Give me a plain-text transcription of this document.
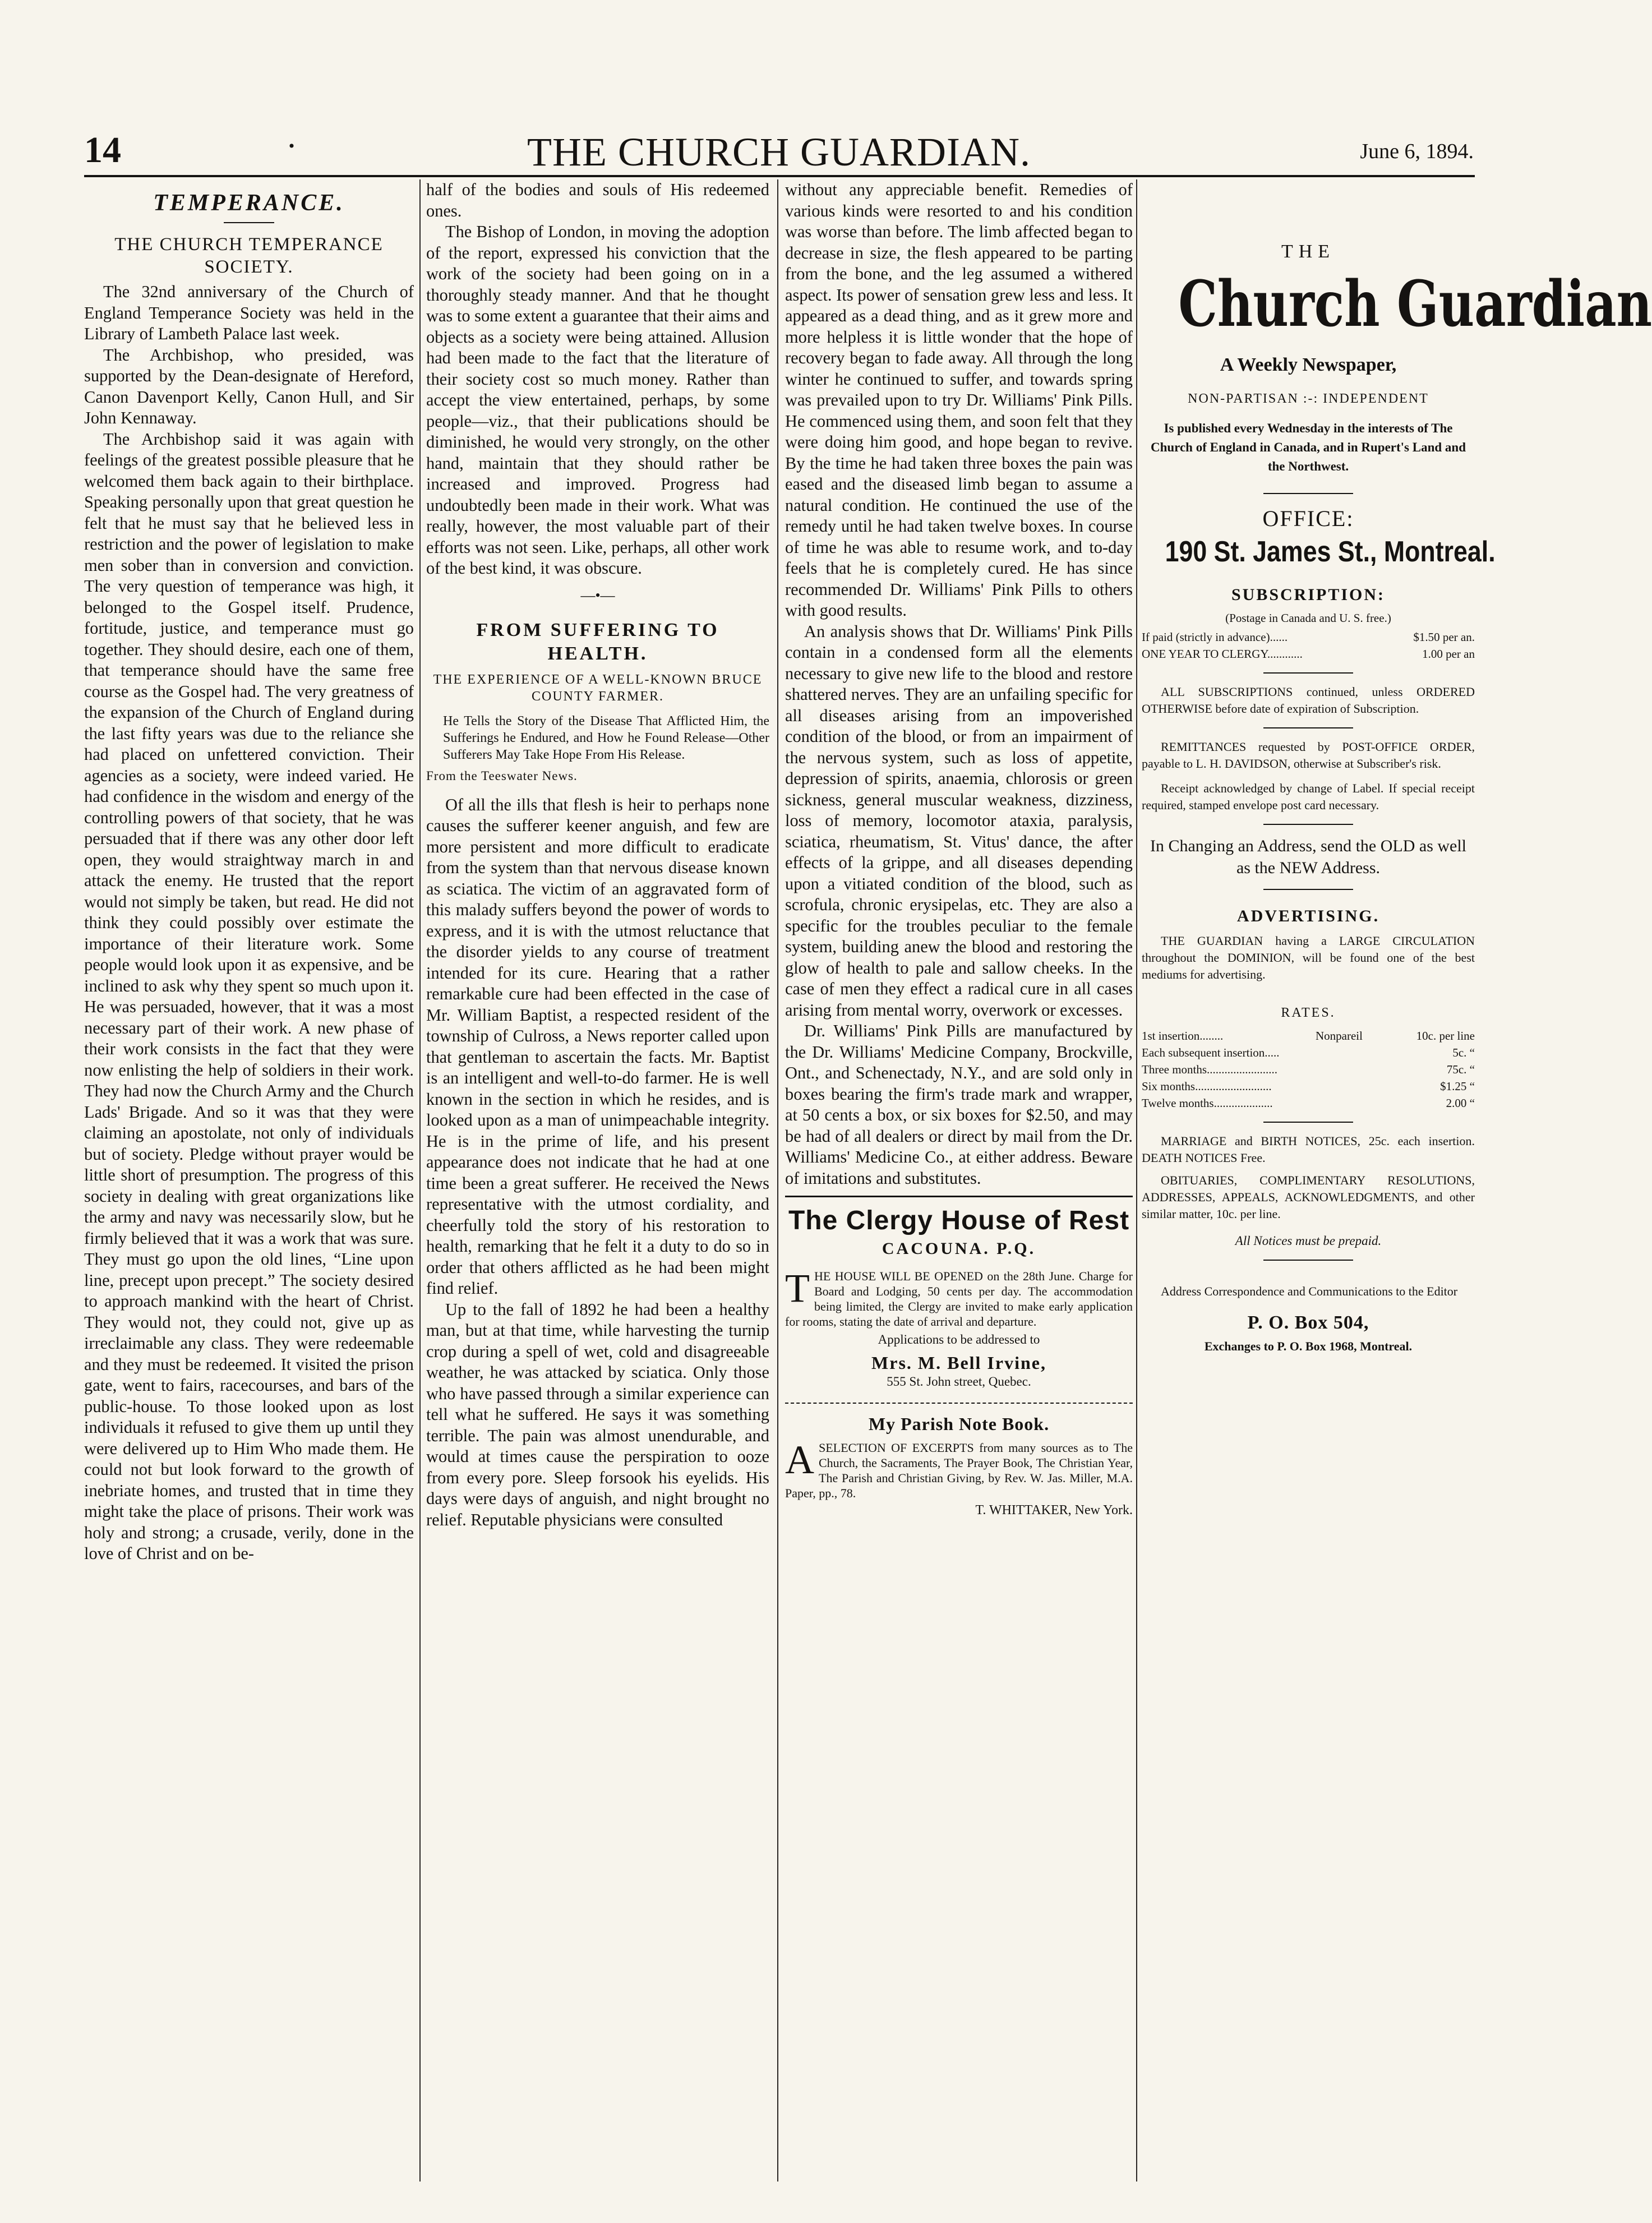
14	·	THE CHURCH GUARDIAN.	June 6, 1894.
TEMPERANCE.
THE CHURCH TEMPERANCE SOCIETY.

The 32nd anniversary of the Church of England Temperance Society was held in the Library of Lambeth Palace last week.

The Archbishop, who presided, was supported by the Dean-designate of Hereford, Canon Davenport Kelly, Canon Hull, and Sir John Kennaway.

The Archbishop said it was again with feelings of the greatest possible pleasure that he welcomed them back again to their birthplace. Speaking personally upon that great question he felt that he must say that he believed less in restriction and the power of legislation to make men sober than in conversion and conviction. The very question of temperance was high, it belonged to the Gospel itself. Prudence, fortitude, justice, and temperance must go together. They should desire, each one of them, that temperance should have the same free course as the Gospel had. The very greatness of the expansion of the Church of England during the last fifty years was due to the reliance she had placed on unfettered conviction. Their agencies as a society, were indeed varied. He had confidence in the wisdom and energy of the controlling powers of that society, that he was persuaded that if there was any other door left open, they would straightway march in and attack the enemy. He trusted that the report would not simply be taken, but read. He did not think they could possibly over estimate the importance of their literature work. Some people would look upon it as expensive, and be inclined to ask why they spent so much upon it. He was persuaded, however, that it was a most necessary part of their work. A new phase of their work consists in the fact that they were now enlisting the help of soldiers in their work. They had now the Church Army and the Church Lads' Brigade. And so it was that they were claiming an apostolate, not only of individuals but of society. Pledge without prayer would be little short of presumption. The progress of this society in dealing with great organizations like the army and navy was necessarily slow, but he firmly believed that it was a work that was sure. They must go upon the old lines, “Line upon line, precept upon precept.” The society desired to approach mankind with the heart of Christ. They would not, they could not, give up as irreclaimable any class. They were redeemable and they must be redeemed. It visited the prison gate, went to fairs, racecourses, and bars of the public-house. To those looked upon as lost individuals it refused to give them up until they were delivered up to Him Who made them. He could not but look forward to the growth of inebriate homes, and trusted that in time they might take the place of prisons. Their work was holy and strong; a crusade, verily, done in the love of Christ and on be-

half of the bodies and souls of His redeemed ones.

The Bishop of London, in moving the adoption of the report, expressed his conviction that the work of the society had been going on in a thoroughly steady manner. And that he thought was to some extent a guarantee that their aims and objects as a society were being attained. Allusion had been made to the fact that the literature of their society cost so much money. Rather than accept the view entertained, perhaps, by some people—viz., that their publications should be diminished, he would very strongly, on the other hand, maintain that they should rather be increased and improved. Progress had undoubtedly been made in their work. What was really, however, the most valuable part of their efforts was not seen. Like, perhaps, all other work of the best kind, it was obscure.

—•—
FROM SUFFERING TO HEALTH.
THE EXPERIENCE OF A WELL-KNOWN BRUCE COUNTY FARMER.

He Tells the Story of the Disease That Afflicted Him, the Sufferings he Endured, and How he Found Release—Other Sufferers May Take Hope From His Release.

From the Teeswater News.

Of all the ills that flesh is heir to perhaps none causes the sufferer keener anguish, and few are more persistent and more difficult to eradicate from the system than that nervous disease known as sciatica. The victim of an aggravated form of this malady suffers beyond the power of words to express, and it is with the utmost reluctance that the disorder yields to any course of treatment intended for its cure. Hearing that a rather remarkable cure had been effected in the case of Mr. William Baptist, a respected resident of the township of Culross, a News reporter called upon that gentleman to ascertain the facts. Mr. Baptist is an intelligent and well-to-do farmer. He is well known in the section in which he resides, and is looked upon as a man of unimpeachable integrity. He is in the prime of life, and his present appearance does not indicate that he had at one time been a great sufferer. He received the News representative with the utmost cordiality, and cheerfully told the story of his restoration to health, remarking that he felt it a duty to do so in order that others afflicted as he had been might find relief.

Up to the fall of 1892 he had been a healthy man, but at that time, while harvesting the turnip crop during a spell of wet, cold and disagreeable weather, he was attacked by sciatica. Only those who have passed through a similar experience can tell what he suffered. He says it was something terrible. The pain was almost unendurable, and would at times cause the perspiration to ooze from every pore. Sleep forsook his eyelids. His days were days of anguish, and night brought no relief. Reputable physicians were consulted

without any appreciable benefit. Remedies of various kinds were resorted to and his condition was worse than before. The limb affected began to decrease in size, the flesh appeared to be parting from the bone, and the leg assumed a withered aspect. Its power of sensation grew less and less. It appeared as a dead thing, and as it grew more and more helpless it is little wonder that the hope of recovery began to fade away. All through the long winter he continued to suffer, and towards spring was prevailed upon to try Dr. Williams' Pink Pills. He commenced using them, and soon felt that they were doing him good, and hope began to revive. By the time he had taken three boxes the pain was eased and the diseased limb began to assume a natural condition. He continued the use of the remedy until he had taken twelve boxes. In course of time he was able to resume work, and to-day feels that he is completely cured. He has since recommended Dr. Williams' Pink Pills to others with good results.

An analysis shows that Dr. Williams' Pink Pills contain in a condensed form all the elements necessary to give new life to the blood and restore shattered nerves. They are an unfailing specific for all diseases arising from an impoverished condition of the blood, or from an impairment of the nervous system, such as loss of appetite, depression of spirits, anaemia, chlorosis or green sickness, general muscular weakness, dizziness, loss of memory, locomotor ataxia, paralysis, sciatica, rheumatism, St. Vitus' dance, the after effects of la grippe, and all diseases depending upon a vitiated condition of the blood, such as scrofula, chronic erysipelas, etc. They are also a specific for the troubles peculiar to the female system, building anew the blood and restoring the glow of health to pale and sallow cheeks. In the case of men they effect a radical cure in all cases arising from mental worry, overwork or excesses.

Dr. Williams' Pink Pills are manufactured by the Dr. Williams' Medicine Company, Brockville, Ont., and Schenectady, N.Y., and are sold only in boxes bearing the firm's trade mark and wrapper, at 50 cents a box, or six boxes for $2.50, and may be had of all dealers or direct by mail from the Dr. Williams' Medicine Co., at either address. Beware of imitations and substitutes.

The Clergy House of Rest
CACOUNA. P.Q.

THE HOUSE WILL BE OPENED on the 28th June. Charge for Board and Lodging, 50 cents per day. The accommodation being limited, the Clergy are invited to make early application for rooms, stating the date of arrival and departure.

Applications to be addressed to
Mrs. M. Bell Irvine,
555 St. John street, Quebec.
My Parish Note Book.

ASELECTION OF EXCERPTS from many sources as to The Church, the Sacraments, The Prayer Book, The Christian Year, The Parish and Christian Giving, by Rev. W. Jas. Miller, M.A. Paper, pp., 78.

T. WHITTAKER, New York.
THE
Church Guardian
A Weekly Newspaper,
NON-PARTISAN :-: INDEPENDENT
Is published every Wednesday in the interests of The Church of England in Canada, and in Rupert's Land and the Northwest.
OFFICE:
190 St. James St., Montreal.
SUBSCRIPTION:
(Postage in Canada and U. S. free.)
If paid (strictly in advance)......	$1.50 per an.
ONE YEAR TO CLERGY............	1.00 per an

ALL SUBSCRIPTIONS continued, unless ORDERED OTHERWISE before date of expiration of Subscription.

REMITTANCES requested by POST-OFFICE ORDER, payable to L. H. DAVIDSON, otherwise at Subscriber's risk.

Receipt acknowledged by change of Label. If special receipt required, stamped envelope post card necessary.

In Changing an Address, send the OLD as well as the NEW Address.

ADVERTISING.

THE GUARDIAN having a LARGE CIRCULATION throughout the DOMINION, will be found one of the best mediums for advertising.

RATES.
1st insertion........	Nonpareil	10c. per line
Each subsequent insertion.....	5c. “
Three months........................	75c. “
Six months..........................	$1.25 “
Twelve months....................	2.00 “

MARRIAGE and BIRTH NOTICES, 25c. each insertion. DEATH NOTICES Free.

OBITUARIES, COMPLIMENTARY RESOLUTIONS, ADDRESSES, APPEALS, ACKNOWLEDGMENTS, and other similar matter, 10c. per line.

All Notices must be prepaid.

Address Correspondence and Communications to the Editor

P. O. Box 504,
Exchanges to P. O. Box 1968, Montreal.
